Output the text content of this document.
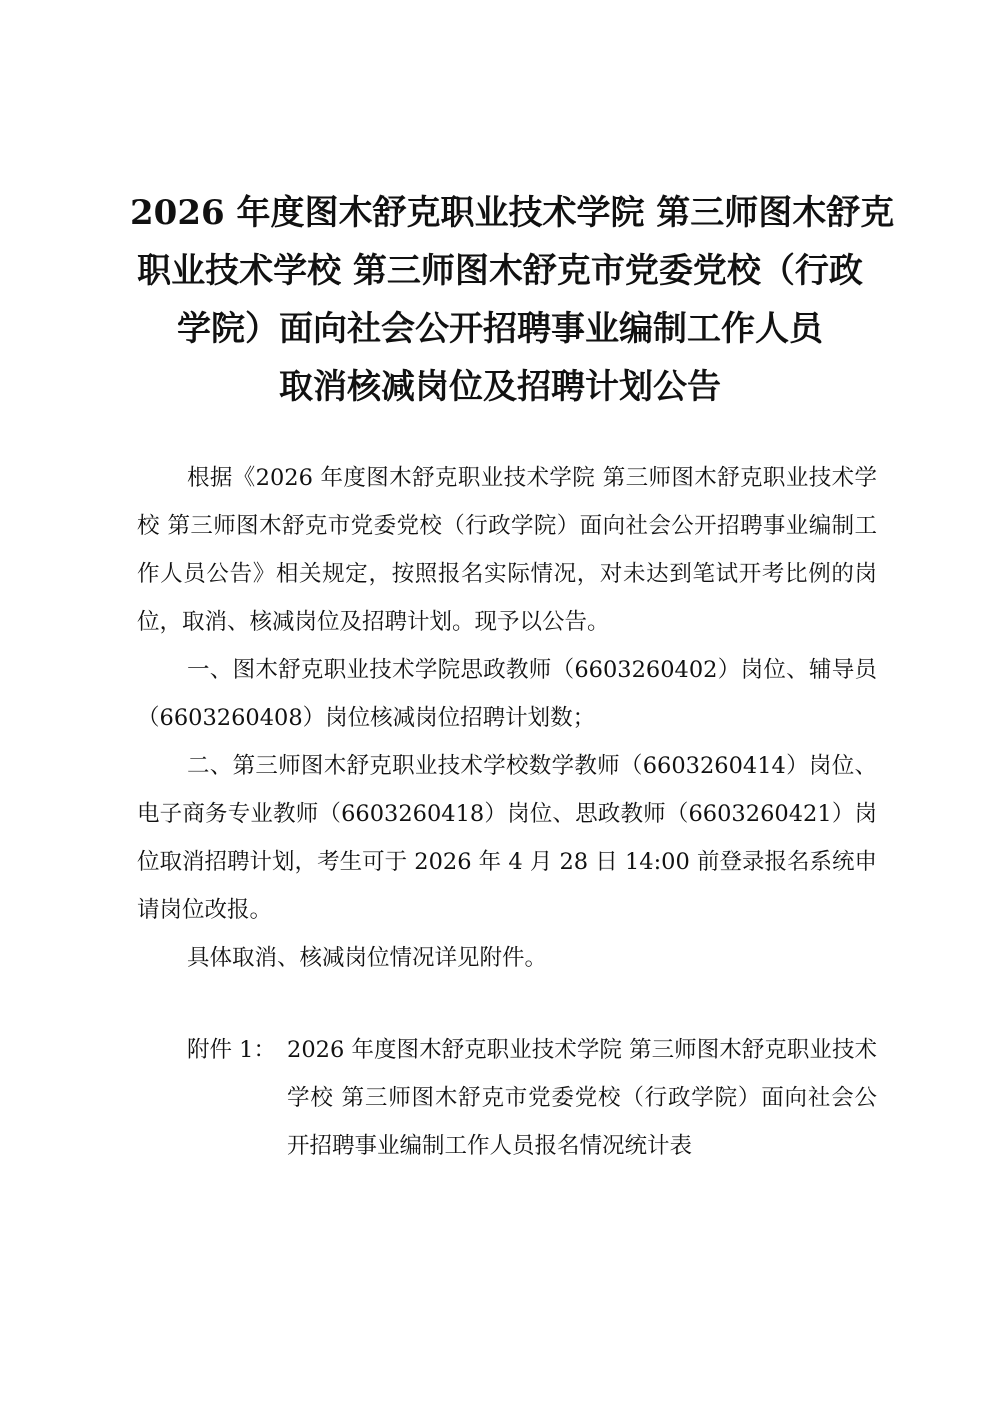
2026 年度图木舒克职业技术学院 第三师图木舒克
职业技术学校 第三师图木舒克市党委党校（行政
学院）面向社会公开招聘事业编制工作人员
取消核减岗位及招聘计划公告

根据《2026 年度图木舒克职业技术学院 第三师图木舒克职业技术学校 第三师图木舒克市党委党校（行政学院）面向社会公开招聘事业编制工作人员公告》相关规定，按照报名实际情况，对未达到笔试开考比例的岗位，取消、核减岗位及招聘计划。现予以公告。

一、图木舒克职业技术学院思政教师（6603260402）岗位、辅导员（6603260408）岗位核减岗位招聘计划数；

二、第三师图木舒克职业技术学校数学教师（6603260414）岗位、电子商务专业教师（6603260418）岗位、思政教师（6603260421）岗位取消招聘计划，考生可于 2026 年 4 月 28 日 14:00 前登录报名系统申请岗位改报。

具体取消、核减岗位情况详见附件。

附件 1： 2026 年度图木舒克职业技术学院 第三师图木舒克职业技术学校 第三师图木舒克市党委党校（行政学院）面向社会公开招聘事业编制工作人员报名情况统计表
